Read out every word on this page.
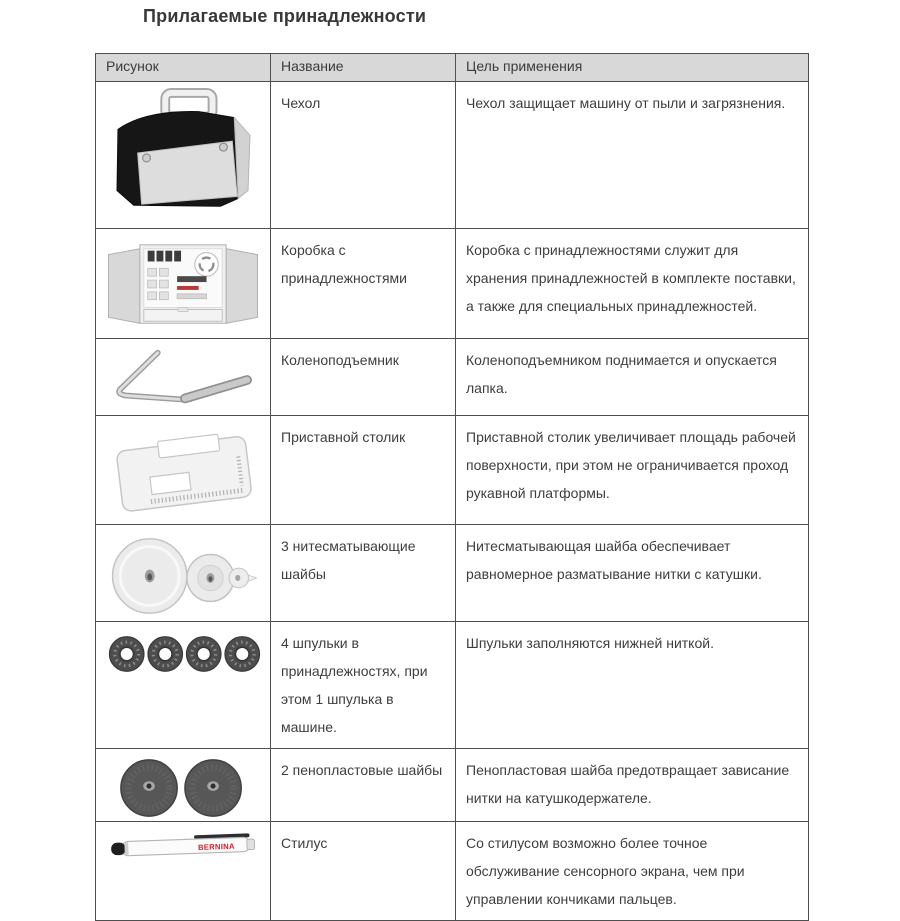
Прилагаемые принадлежности
Рисунок	Название	Цель применения

	Чехол	Чехол защищает машину от пыли и загрязнения.

	Коробка с принадлежностями	Коробка с принадлежностями служит для хранения принадлежностей в комплекте поставки, а также для специальных принадлежностей.

	Коленоподъемник	Коленоподъемником поднимается и опускается лапка.

	Приставной столик	Приставной столик увеличивает площадь рабочей поверхности, при этом не ограничивается проход рукавной платформы.

	3 нитесматывающие шайбы	Нитесматывающая шайба обеспечивает равномерное разматывание нитки с катушки.

	4 шпульки в принадлежностях, при этом 1 шпулька в машине.	Шпульки заполняются нижней ниткой.

	2 пенопластовые шайбы	Пенопластовая шайба предотвращает зависание нитки на катушкодержателе.

BERNINA	Стилус	Со стилусом возможно более точное обслуживание сенсорного экрана, чем при управлении кончиками пальцев.
